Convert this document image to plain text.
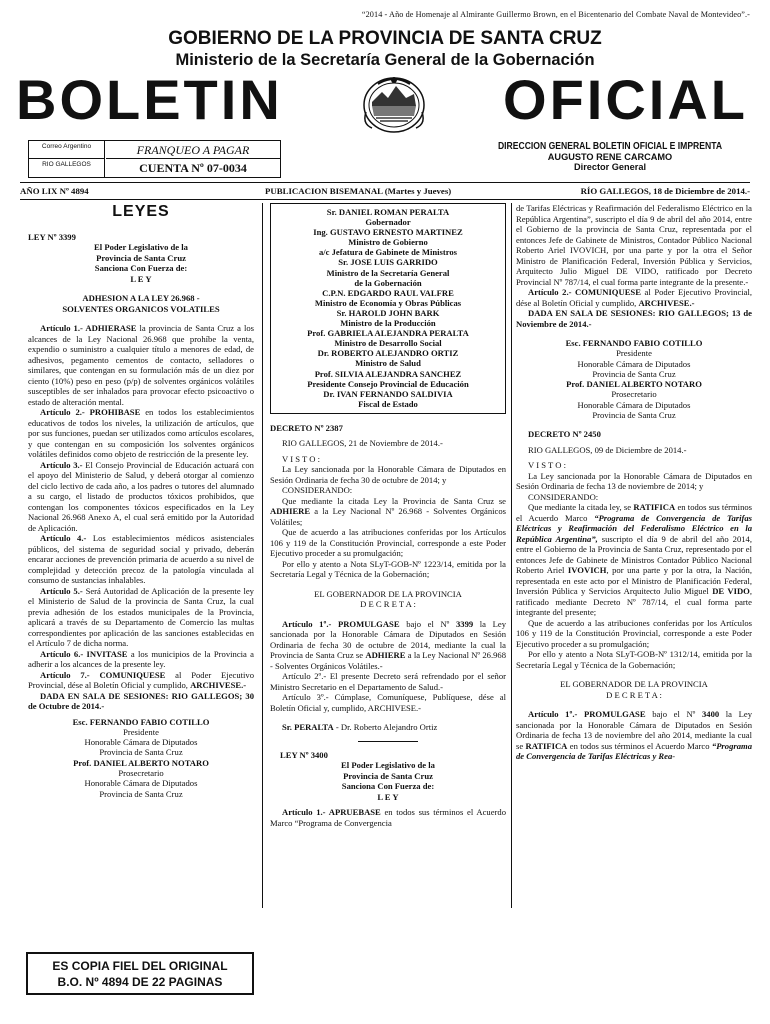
“2014 - Año de Homenaje al Almirante Guillermo Brown, en el Bicentenario del Combate Naval de Montevideo”.-
GOBIERNO DE LA PROVINCIA DE SANTA CRUZ
Ministerio de la Secretaría General de la Gobernación
BOLETIN	OFICIAL
Correo Argentino
RIO GALLEGOS
FRANQUEO A PAGAR
CUENTA Nº 07-0034
DIRECCION GENERAL BOLETIN OFICIAL E IMPRENTA
AUGUSTO RENE CARCAMO
Director General
AÑO LIX Nº 4894	PUBLICACION BISEMANAL (Martes y Jueves)	RÍO GALLEGOS, 18 de Diciembre de 2014.-
LEYES

LEY Nº 3399

El Poder Legislativo de la

Provincia de Santa Cruz

Sanciona Con Fuerza de:

L E Y

ADHESION A LA LEY 26.968 -

SOLVENTES ORGANICOS VOLATILES

Artículo 1.- ADHIERASE la provincia de Santa Cruz a los alcances de la Ley Nacional 26.968 que prohíbe la venta, expendio o suministro a cualquier título a menores de edad, de adhesivos, pegamento cementos de contacto, selladores o similares, que contengan en su formulación más de un diez por ciento (10%) peso en peso (p/p) de solventes orgánicos volátiles susceptibles de ser inhalados para provocar efecto psicoactivo o estado de alteración mental.

Artículo 2.- PROHIBASE en todos los establecimientos educativos de todos los niveles, la utilización de artículos, que por sus funciones, puedan ser utilizados como artículos escolares, y que contengan en su composición los solventes orgánicos volátiles definidos como objeto de restricción de la presente ley.

Artículo 3.- El Consejo Provincial de Educación actuará con el apoyo del Ministerio de Salud, y deberá otorgar al comienzo del ciclo lectivo de cada año, a los padres o tutores del alumnado a su cargo, el listado de productos tóxicos prohibidos, que contengan los componentes tóxicos especificados en la Ley Nacional 26.968 Anexo A, el cual será emitido por la Autoridad de Aplicación.

Artículo 4.- Los establecimientos médicos asistenciales públicos, del sistema de seguridad social y privado, deberán encarar acciones de prevención primaria de acuerdo a su nivel de complejidad y detección precoz de la patología vinculada al consumo de sustancias inhalables.

Artículo 5.- Será Autoridad de Aplicación de la presente ley el Ministerio de Salud de la provincia de Santa Cruz, la cual previa adhesión de los estados municipales de la Provincia, aplicará a través de su Departamento de Comercio las multas correspondientes por aplicación de las sanciones establecidas en el Artículo 7 de dicha norma.

Artículo 6.- INVITASE a los municipios de la Provincia a adherir a los alcances de la presente ley.

Artículo 7.- COMUNIQUESE al Poder Ejecutivo Provincial, dése al Boletín Oficial y cumplido, ARCHIVESE.-

DADA EN SALA DE SESIONES: RIO GALLEGOS; 30 de Octubre de 2014.-

Esc. FERNANDO FABIO COTILLO

Presidente

Honorable Cámara de Diputados

Provincia de Santa Cruz

Prof. DANIEL ALBERTO NOTARO

Prosecretario

Honorable Cámara de Diputados

Provincia de Santa Cruz

Sr. DANIEL ROMAN PERALTA
Gobernador
Ing. GUSTAVO ERNESTO MARTINEZ
Ministro de Gobierno
a/c Jefatura de Gabinete de Ministros
Sr. JOSE LUIS GARRIDO
Ministro de la Secretaría General
de la Gobernación
C.P.N. EDGARDO RAUL VALFRE
Ministro de Economía y Obras Públicas
Sr. HAROLD JOHN BARK
Ministro de la Producción
Prof. GABRIELA ALEJANDRA PERALTA
Ministro de Desarrollo Social
Dr. ROBERTO ALEJANDRO ORTIZ
Ministro de Salud
Prof. SILVIA ALEJANDRA SANCHEZ
Presidente Consejo Provincial de Educación
Dr. IVAN FERNANDO SALDIVIA
Fiscal de Estado

DECRETO Nº 2387

RIO GALLEGOS, 21 de Noviembre de 2014.-

V I S T O :

La Ley sancionada por la Honorable Cámara de Diputados en Sesión Ordinaria de fecha 30 de octubre de 2014; y

CONSIDERANDO:

Que mediante la citada Ley la Provincia de Santa Cruz se ADHIERE a la Ley Nacional Nº 26.968 - Solventes Orgánicos Volátiles;

Que de acuerdo a las atribuciones conferidas por los Artículos 106 y 119 de la Constitución Provincial, corresponde a este Poder Ejecutivo proceder a su promulgación;

Por ello y atento a Nota SLyT-GOB-Nº 1223/14, emitida por la Secretaría Legal y Técnica de la Gobernación;

EL GOBERNADOR DE LA PROVINCIA

D E C R E T A :

Artículo 1º.- PROMULGASE bajo el Nº 3399 la Ley sancionada por la Honorable Cámara de Diputados en Sesión Ordinaria de fecha 30 de octubre de 2014, mediante la cual la Provincia de Santa Cruz se ADHIERE a la Ley Nacional Nº 26.968 - Solventes Orgánicos Volátiles.-

Artículo 2º.- El presente Decreto será refrendado por el señor Ministro Secretario en el Departamento de Salud.-

Artículo 3º.- Cúmplase, Comuníquese, Publíquese, dése al Boletín Oficial y, cumplido, ARCHIVESE.-

Sr. PERALTA - Dr. Roberto Alejandro Ortiz

LEY Nº 3400

El Poder Legislativo de la

Provincia de Santa Cruz

Sanciona Con Fuerza de:

L E Y

Artículo 1.- APRUEBASE en todos sus términos el Acuerdo Marco “Programa de Convergencia

de Tarifas Eléctricas y Reafirmación del Federalismo Eléctrico en la República Argentina”, suscripto el día 9 de abril del año 2014, entre el Gobierno de la provincia de Santa Cruz, representada por el entonces Jefe de Gabinete de Ministros, Contador Público Nacional Roberto Ariel IVOVICH, por una parte y por la otra el Señor Ministro de Planificación Federal, Inversión Pública y Servicios, Arquitecto Julio Miguel DE VIDO, ratificado por Decreto Provincial Nº 787/14, el cual forma parte integrante de la presente.-

Artículo 2.- COMUNIQUESE al Poder Ejecutivo Provincial, dése al Boletín Oficial y cumplido, ARCHIVESE.-

DADA EN SALA DE SESIONES: RIO GALLEGOS; 13 de Noviembre de 2014.-

Esc. FERNANDO FABIO COTILLO

Presidente

Honorable Cámara de Diputados

Provincia de Santa Cruz

Prof. DANIEL ALBERTO NOTARO

Prosecretario

Honorable Cámara de Diputados

Provincia de Santa Cruz

DECRETO Nº 2450

RIO GALLEGOS, 09 de Diciembre de 2014.-

V I S T O :

La Ley sancionada por la Honorable Cámara de Diputados en Sesión Ordinaria de fecha 13 de noviembre de 2014; y

CONSIDERANDO:

Que mediante la citada ley, se RATIFICA en todos sus términos el Acuerdo Marco “Programa de Convergencia de Tarifas Eléctricas y Reafirmación del Federalismo Eléctrico en la República Argentina”, suscripto el día 9 de abril del año 2014, entre el Gobierno de la Provincia de Santa Cruz, representado por el entonces Jefe de Gabinete de Ministros Contador Público Nacional Roberto Ariel IVOVICH, por una parte y por la otra, la Nación, representada en este acto por el Ministro de Planificación Federal, Inversión Pública y Servicios Arquitecto Julio Miguel DE VIDO, ratificado mediante Decreto Nº 787/14, el cual forma parte integrante del presente;

Que de acuerdo a las atribuciones conferidas por los Artículos 106 y 119 de la Constitución Provincial, corresponde a este Poder Ejecutivo proceder a su promulgación;

Por ello y atento a Nota SLyT-GOB-Nº 1312/14, emitida por la Secretaría Legal y Técnica de la Gobernación;

EL GOBERNADOR DE LA PROVINCIA

D E C R E T A :

Artículo 1º.- PROMULGASE bajo el Nº 3400 la Ley sancionada por la Honorable Cámara de Diputados en Sesión Ordinaria de fecha 13 de noviembre del año 2014, mediante la cual se RATIFICA en todos sus términos el Acuerdo Marco “Programa de Convergencia de Tarifas Eléctricas y Rea-

ES COPIA FIEL DEL ORIGINAL
B.O. Nº 4894 DE 22 PAGINAS
